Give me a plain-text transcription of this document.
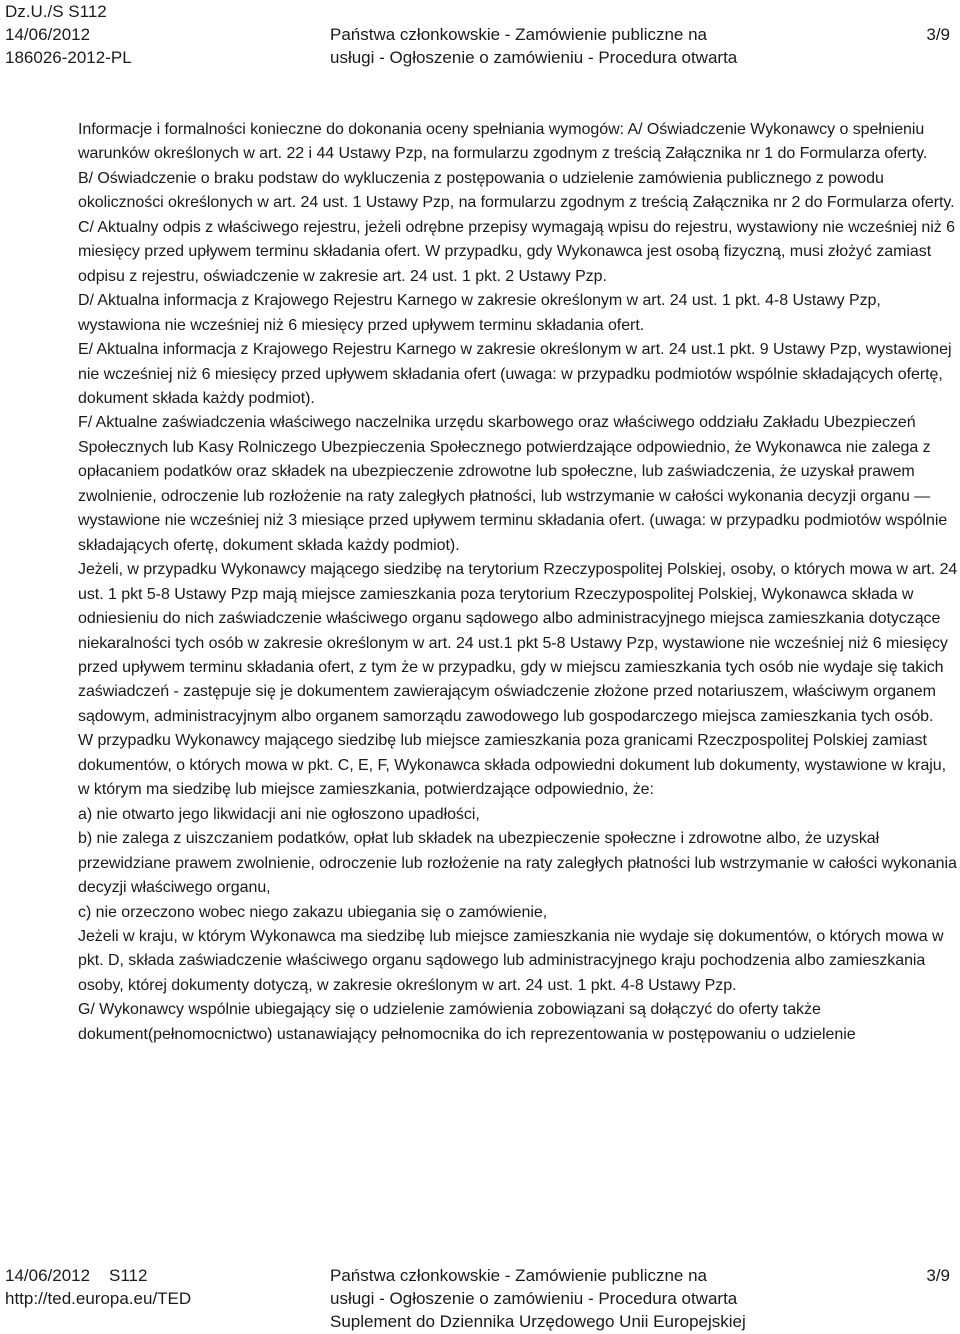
Dz.U./S S112
14/06/2012
186026-2012-PL
Państwa członkowskie - Zamówienie publiczne na
usługi - Ogłoszenie o zamówieniu - Procedura otwarta
3/9

Informacje i formalności konieczne do dokonania oceny spełniania wymogów: A/ Oświadczenie Wykonawcy o spełnieniu warunków określonych w art. 22 i 44 Ustawy Pzp, na formularzu zgodnym z treścią Załącznika nr 1 do Formularza oferty.

B/ Oświadczenie o braku podstaw do wykluczenia z postępowania o udzielenie zamówienia publicznego z powodu okoliczności określonych w art. 24 ust. 1 Ustawy Pzp, na formularzu zgodnym z treścią Załącznika nr 2 do Formularza oferty.

C/ Aktualny odpis z właściwego rejestru, jeżeli odrębne przepisy wymagają wpisu do rejestru, wystawiony nie wcześniej niż 6 miesięcy przed upływem terminu składania ofert. W przypadku, gdy Wykonawca jest osobą fizyczną, musi złożyć zamiast odpisu z rejestru, oświadczenie w zakresie art. 24 ust. 1 pkt. 2 Ustawy Pzp.

D/ Aktualna informacja z Krajowego Rejestru Karnego w zakresie określonym w art. 24 ust. 1 pkt. 4-8 Ustawy Pzp, wystawiona nie wcześniej niż 6 miesięcy przed upływem terminu składania ofert.

E/ Aktualna informacja z Krajowego Rejestru Karnego w zakresie określonym w art. 24 ust.1 pkt. 9 Ustawy Pzp, wystawionej nie wcześniej niż 6 miesięcy przed upływem składania ofert (uwaga: w przypadku podmiotów wspólnie składających ofertę, dokument składa każdy podmiot).

F/ Aktualne zaświadczenia właściwego naczelnika urzędu skarbowego oraz właściwego oddziału Zakładu Ubezpieczeń Społecznych lub Kasy Rolniczego Ubezpieczenia Społecznego potwierdzające odpowiednio, że Wykonawca nie zalega z opłacaniem podatków oraz składek na ubezpieczenie zdrowotne lub społeczne, lub zaświadczenia, że uzyskał prawem zwolnienie, odroczenie lub rozłożenie na raty zaległych płatności, lub wstrzymanie w całości wykonania decyzji organu — wystawione nie wcześniej niż 3 miesiące przed upływem terminu składania ofert. (uwaga: w przypadku podmiotów wspólnie składających ofertę, dokument składa każdy podmiot).

Jeżeli, w przypadku Wykonawcy mającego siedzibę na terytorium Rzeczypospolitej Polskiej, osoby, o których mowa w art. 24 ust. 1 pkt 5-8 Ustawy Pzp mają miejsce zamieszkania poza terytorium Rzeczypospolitej Polskiej, Wykonawca składa w odniesieniu do nich zaświadczenie właściwego organu sądowego albo administracyjnego miejsca zamieszkania dotyczące niekaralności tych osób w zakresie określonym w art. 24 ust.1 pkt 5-8 Ustawy Pzp, wystawione nie wcześniej niż 6 miesięcy przed upływem terminu składania ofert, z tym że w przypadku, gdy w miejscu zamieszkania tych osób nie wydaje się takich zaświadczeń - zastępuje się je dokumentem zawierającym oświadczenie złożone przed notariuszem, właściwym organem sądowym, administracyjnym albo organem samorządu zawodowego lub gospodarczego miejsca zamieszkania tych osób.

W przypadku Wykonawcy mającego siedzibę lub miejsce zamieszkania poza granicami Rzeczpospolitej Polskiej zamiast dokumentów, o których mowa w pkt. C, E, F, Wykonawca składa odpowiedni dokument lub dokumenty, wystawione w kraju, w którym ma siedzibę lub miejsce zamieszkania, potwierdzające odpowiednio, że:

a) nie otwarto jego likwidacji ani nie ogłoszono upadłości,

b) nie zalega z uiszczaniem podatków, opłat lub składek na ubezpieczenie społeczne i zdrowotne albo, że uzyskał przewidziane prawem zwolnienie, odroczenie lub rozłożenie na raty zaległych płatności lub wstrzymanie w całości wykonania decyzji właściwego organu,

c) nie orzeczono wobec niego zakazu ubiegania się o zamówienie,

Jeżeli w kraju, w którym Wykonawca ma siedzibę lub miejsce zamieszkania nie wydaje się dokumentów, o których mowa w pkt. D, składa zaświadczenie właściwego organu sądowego lub administracyjnego kraju pochodzenia albo zamieszkania osoby, której dokumenty dotyczą, w zakresie określonym w art. 24 ust. 1 pkt. 4-8 Ustawy Pzp.

G/ Wykonawcy wspólnie ubiegający się o udzielenie zamówienia zobowiązani są dołączyć do oferty także dokument(pełnomocnictwo) ustanawiający pełnomocnika do ich reprezentowania w postępowaniu o udzielenie

14/06/2012 S112
http://ted.europa.eu/TED
Państwa członkowskie - Zamówienie publiczne na
usługi - Ogłoszenie o zamówieniu - Procedura otwarta
Suplement do Dziennika Urzędowego Unii Europejskiej
3/9
